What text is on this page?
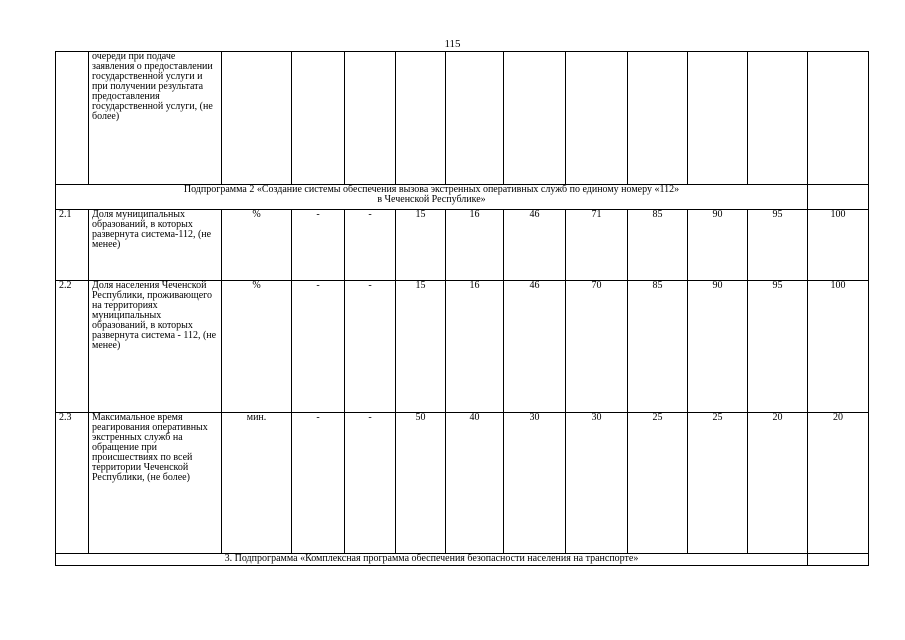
115
	очереди при подаче заявления о предоставлении государственной услуги и при получении результата предоставления государственной услуги, (не более)											

Подпрограмма 2 «Создание системы обеспечения вызова экстренных оперативных служб по единому номеру «112»
в Чеченской Республике»												

2.1	Доля муниципальных образований, в которых развернута система-112, (не менее)	%	-	-	15	16	46	71	85	90	95	100
2.2	Доля населения Чеченской Республики, проживающего на территориях муниципальных образований, в которых развернута система - 112, (не менее)	%	-	-	15	16	46	70	85	90	95	100
2.3	Максимальное время реагирования оперативных экстренных служб на обращение при происшествиях по всей территории Чеченской Республики, (не более)	мин.	-	-	50	40	30	30	25	25	20	20
3. Подпрограмма «Комплексная программа обеспечения безопасности населения на транспорте»												
